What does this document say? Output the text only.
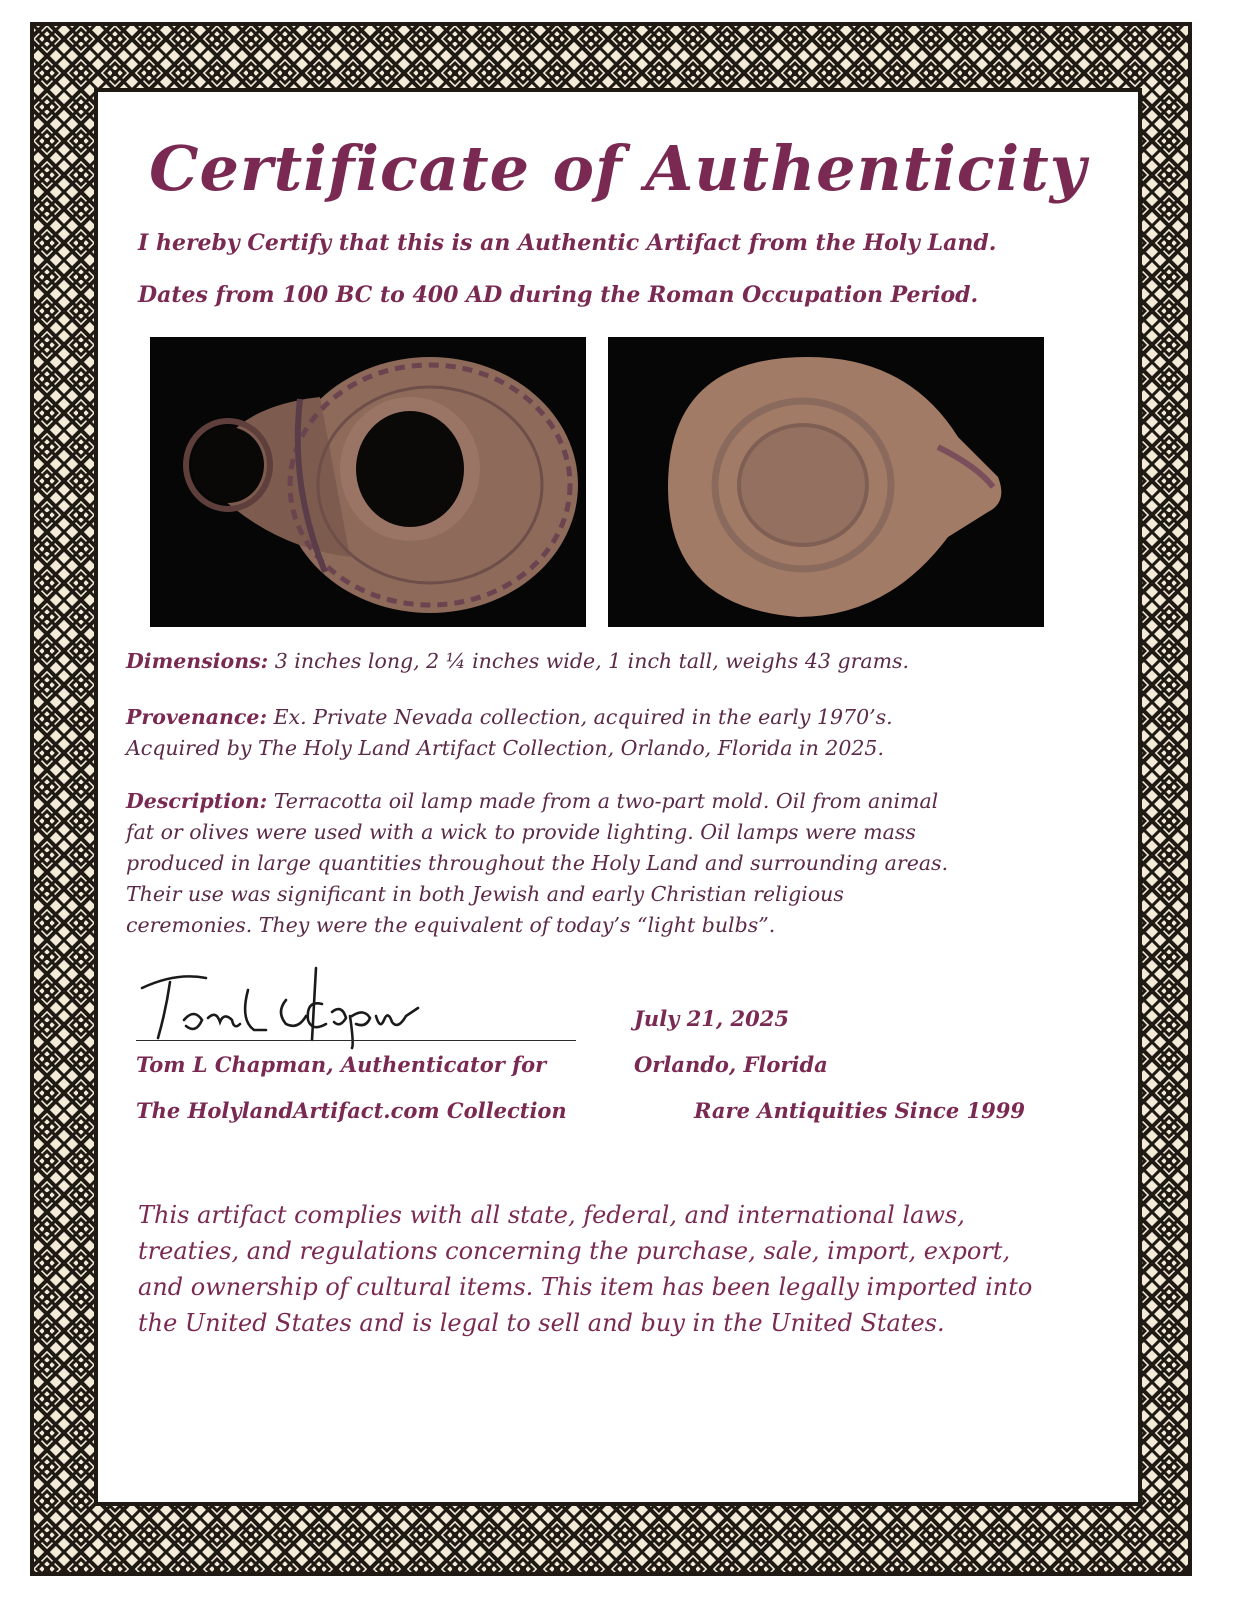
Certificate of Authenticity

I hereby Certify that this is an Authentic Artifact from the Holy Land.

Dates from 100 BC to 400 AD during the Roman Occupation Period.

Dimensions: 3 inches long, 2 ¼ inches wide, 1 inch tall, weighs 43 grams.

Provenance: Ex. Private Nevada collection, acquired in the early 1970’s.
Acquired by The Holy Land Artifact Collection, Orlando, Florida in 2025.

Description: Terracotta oil lamp made from a two-part mold. Oil from animal
fat or olives were used with a wick to provide lighting. Oil lamps were mass
produced in large quantities throughout the Holy Land and surrounding areas.
Their use was significant in both Jewish and early Christian religious
ceremonies. They were the equivalent of today’s “light bulbs”.

Tom L Chapman, Authenticator for

The HolylandArtifact.com Collection

July 21, 2025

Orlando, Florida

Rare Antiquities Since 1999

This artifact complies with all state, federal, and international laws,
treaties, and regulations concerning the purchase, sale, import, export,
and ownership of cultural items. This item has been legally imported into
the United States and is legal to sell and buy in the United States.
